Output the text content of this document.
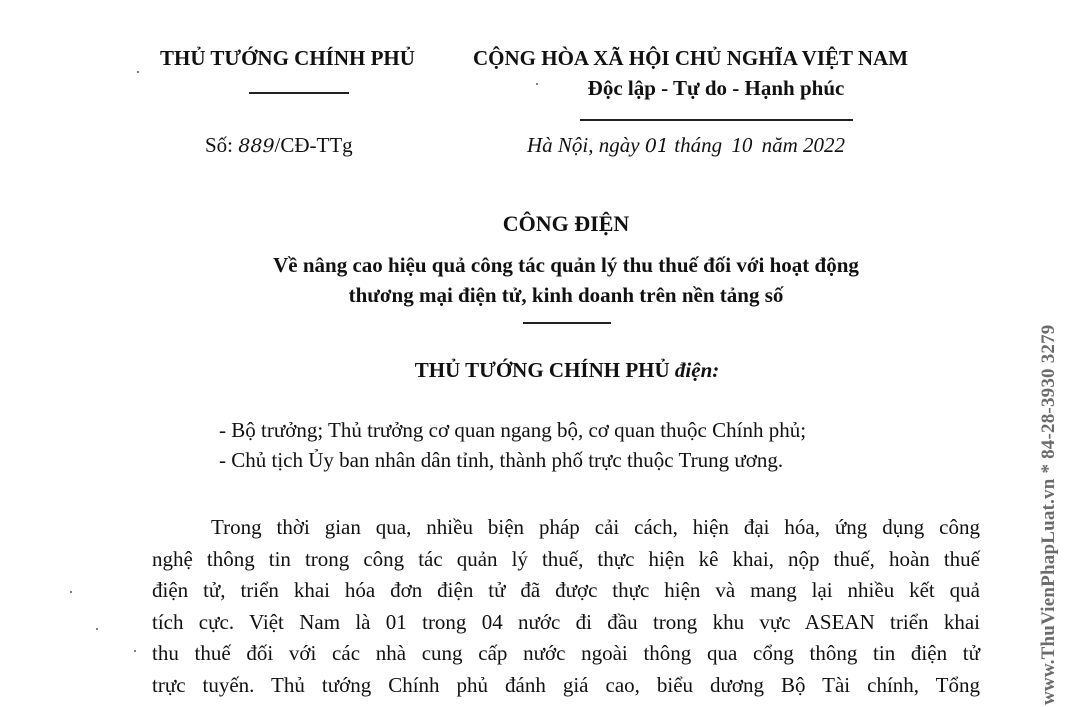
THỦ TƯỚNG CHÍNH PHỦ	CỘNG HÒA XÃ HỘI CHỦ NGHĨA VIỆT NAM
Độc lập - Tự do - Hạnh phúc
Số: 889/CĐ-TTg	Hà Nội, ngày 01 tháng 10 năm 2022
CÔNG ĐIỆN
Về nâng cao hiệu quả công tác quản lý thu thuế đối với hoạt động
thương mại điện tử, kinh doanh trên nền tảng số
THỦ TƯỚNG CHÍNH PHỦ điện:
- Bộ trưởng; Thủ trưởng cơ quan ngang bộ, cơ quan thuộc Chính phủ;
- Chủ tịch Ủy ban nhân dân tỉnh, thành phố trực thuộc Trung ương.
Trong thời gian qua, nhiều biện pháp cải cách, hiện đại hóa, ứng dụng công
nghệ thông tin trong công tác quản lý thuế, thực hiện kê khai, nộp thuế, hoàn thuế
điện tử, triển khai hóa đơn điện tử đã được thực hiện và mang lại nhiều kết quả
tích cực. Việt Nam là 01 trong 04 nước đi đầu trong khu vực ASEAN triển khai
thu thuế đối với các nhà cung cấp nước ngoài thông qua cổng thông tin điện tử
trực tuyến. Thủ tướng Chính phủ đánh giá cao, biểu dương Bộ Tài chính, Tổng	www.ThuVienPhapLuat.vn * 84-28-3930 3279
